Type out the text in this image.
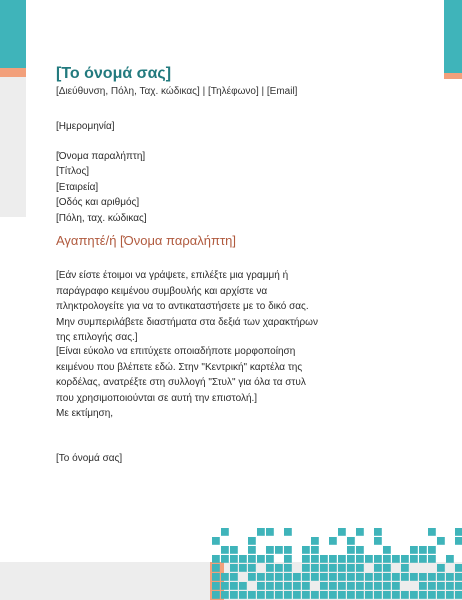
[Το όνομά σας]
[Διεύθυνση, Πόλη, Ταχ. κώδικας] | [Τηλέφωνο] | [Email]
[Ημερομηνία]
[Όνομα παραλήπτη]
[Τίτλος]
[Εταιρεία]
[Οδός και αριθμός]
[Πόλη, ταχ. κώδικας]
Αγαπητέ/ή [Όνομα παραλήπτη]
[Εάν είστε έτοιμοι να γράψετε, επιλέξτε μια γραμμή ή
παράγραφο κειμένου συμβουλής και αρχίστε να
πληκτρολογείτε για να το αντικαταστήσετε με το δικό σας.
Μην συμπεριλάβετε διαστήματα στα δεξιά των χαρακτήρων
της επιλογής σας.]
[Είναι εύκολο να επιτύχετε οποιαδήποτε μορφοποίηση
κειμένου που βλέπετε εδώ. Στην "Κεντρική" καρτέλα της
κορδέλας, ανατρέξτε στη συλλογή "Στυλ" για όλα τα στυλ
που χρησιμοποιούνται σε αυτή την επιστολή.]
Με εκτίμηση,
[Το όνομά σας]
